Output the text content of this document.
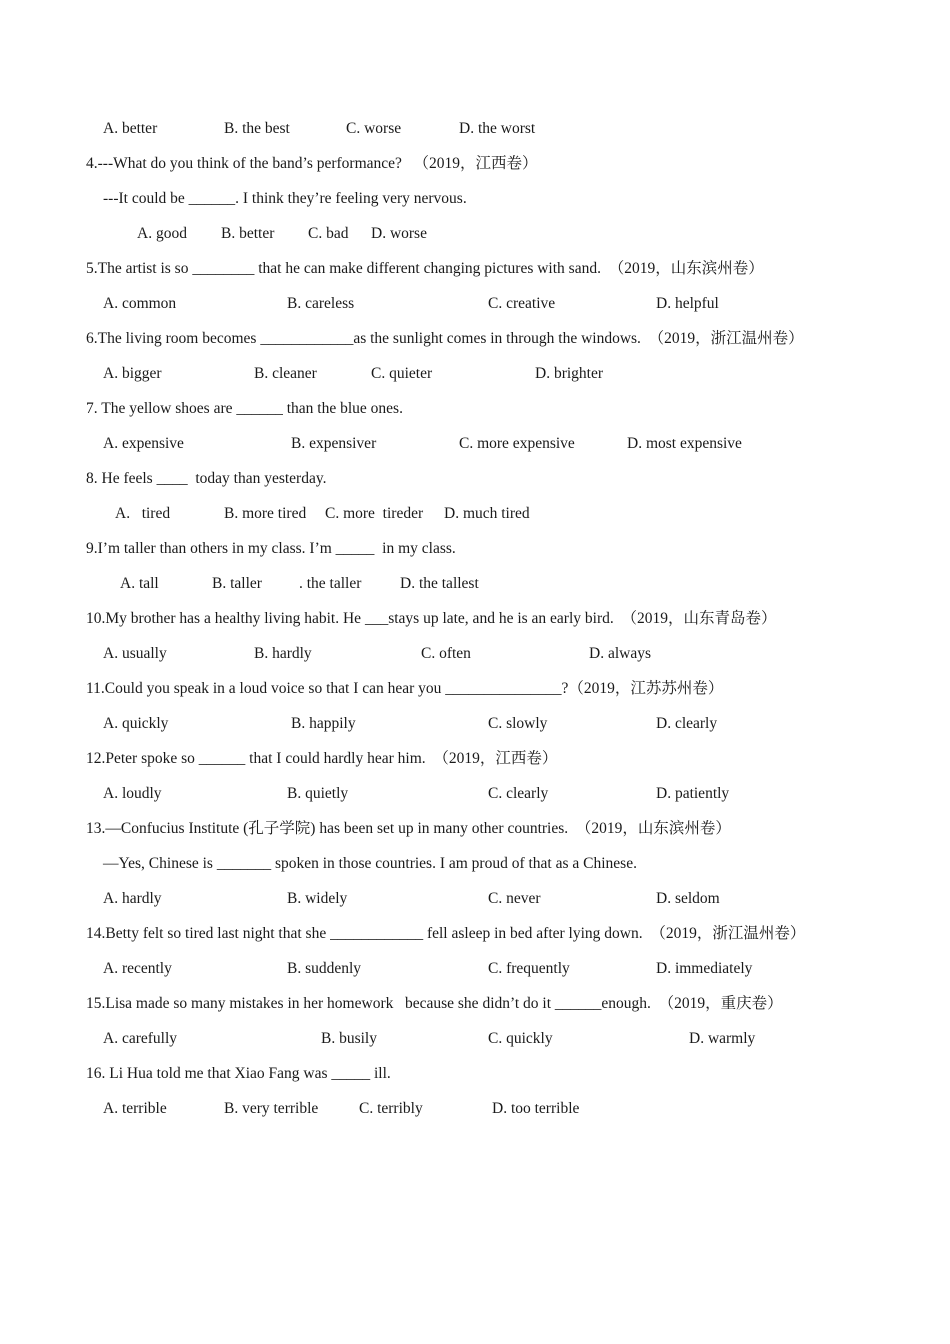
A. better	B. the best	C. worse	D. the worst
4.---What do you think of the band’s performance?   （2019，江西卷）
---It could be ______. I think they’re feeling very nervous.
A. good B. better C. bad D. worse
5.The artist is so ________ that he can make different changing pictures with sand.  （2019，山东滨州卷）
A. common	B. careless	C. creative	D. helpful
6.The living room becomes ____________as the sunlight comes in through the windows.  （2019，浙江温州卷）
A. bigger	B. cleaner	C. quieter	D. brighter
7. The yellow shoes are ______ than the blue ones.
A. expensive	B. expensiver	C. more expensive	D. most expensive
8. He feels ____  today than yesterday.
A.   tired	B. more tired C. more  tireder D. much tired
9.I’m taller than others in my class. I’m _____  in my class.
A. tall	B. taller . the taller D. the tallest
10.My brother has a healthy living habit. He ___stays up late, and he is an early bird.  （2019，山东青岛卷）
A. usually	B. hardly	C. often	D. always
11.Could you speak in a loud voice so that I can hear you _______________?（2019，江苏苏州卷）
A. quickly	B. happily	C. slowly	D. clearly
12.Peter spoke so ______ that I could hardly hear him.  （2019，江西卷）
A. loudly	B. quietly	C. clearly	D. patiently
13.—Confucius Institute (孔子学院) has been set up in many other countries.  （2019，山东滨州卷）
—Yes, Chinese is _______ spoken in those countries. I am proud of that as a Chinese.
A. hardly	B. widely	C. never	D. seldom
14.Betty felt so tired last night that she ____________ fell asleep in bed after lying down.  （2019，浙江温州卷）
A. recently	B. suddenly	C. frequently	D. immediately
15.Lisa made so many mistakes in her homework   because she didn’t do it ______enough.  （2019，重庆卷）
A. carefully	B. busily	C. quickly	D. warmly
16. Li Hua told me that Xiao Fang was _____ ill.
A. terrible	B. very terrible	C. terribly	D. too terrible
